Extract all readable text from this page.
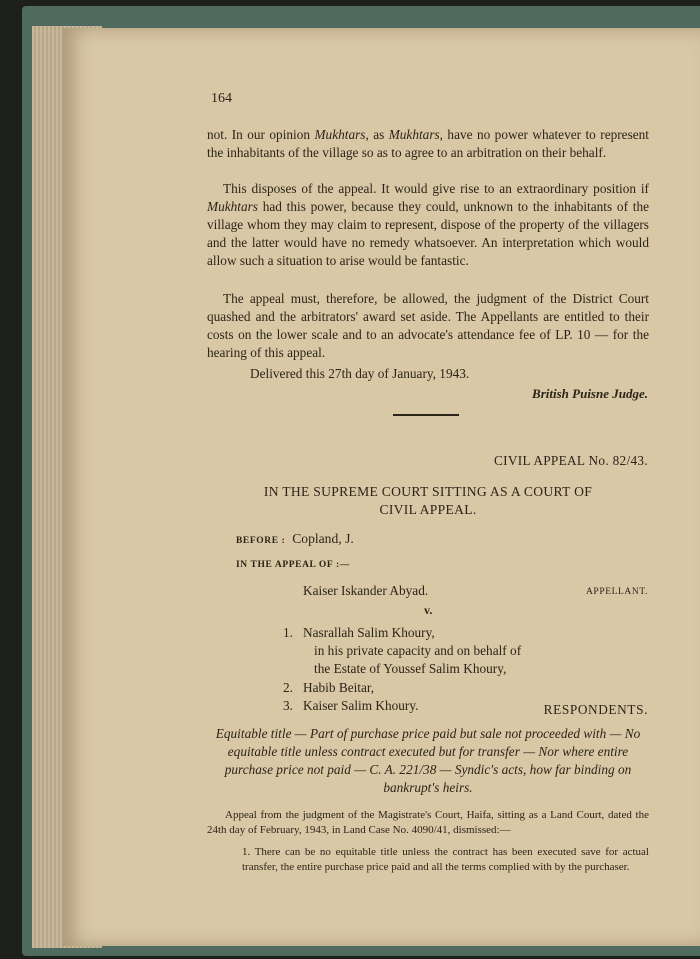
164
not. In our opinion Mukhtars, as Mukhtars, have no power whatever to represent the inhabitants of the village so as to agree to an arbitration on their behalf.
This disposes of the appeal. It would give rise to an extraordinary position if Mukhtars had this power, because they could, unknown to the inhabitants of the village whom they may claim to represent, dispose of the property of the villagers and the latter would have no remedy whatsoever. An interpretation which would allow such a situation to arise would be fantastic.
The appeal must, therefore, be allowed, the judgment of the District Court quashed and the arbitrators' award set aside. The Appellants are entitled to their costs on the lower scale and to an advocate's attendance fee of LP. 10 — for the hearing of this appeal.
Delivered this 27th day of January, 1943.
British Puisne Judge.
CIVIL APPEAL No. 82/43.
IN THE SUPREME COURT SITTING AS A COURT OF
CIVIL APPEAL.
BEFORE : Copland, J.
IN THE APPEAL OF :—
Kaiser Iskander Abyad.	APPELLANT.
v.
1. Nasrallah Salim Khoury,
in his private capacity and on behalf of
the Estate of Youssef Salim Khoury,
2. Habib Beitar,
3. Kaiser Salim Khoury.	RESPONDENTS.
Equitable title — Part of purchase price paid but sale not proceeded with — No equitable title unless contract executed but for transfer — Nor where entire purchase price not paid — C. A. 221/38 — Syndic's acts, how far binding on bankrupt's heirs.
Appeal from the judgment of the Magistrate's Court, Haifa, sitting as a Land Court, dated the 24th day of February, 1943, in Land Case No. 4090/41, dismissed:—
1. There can be no equitable title unless the contract has been executed save for actual transfer, the entire purchase price paid and all the terms complied with by the purchaser.
